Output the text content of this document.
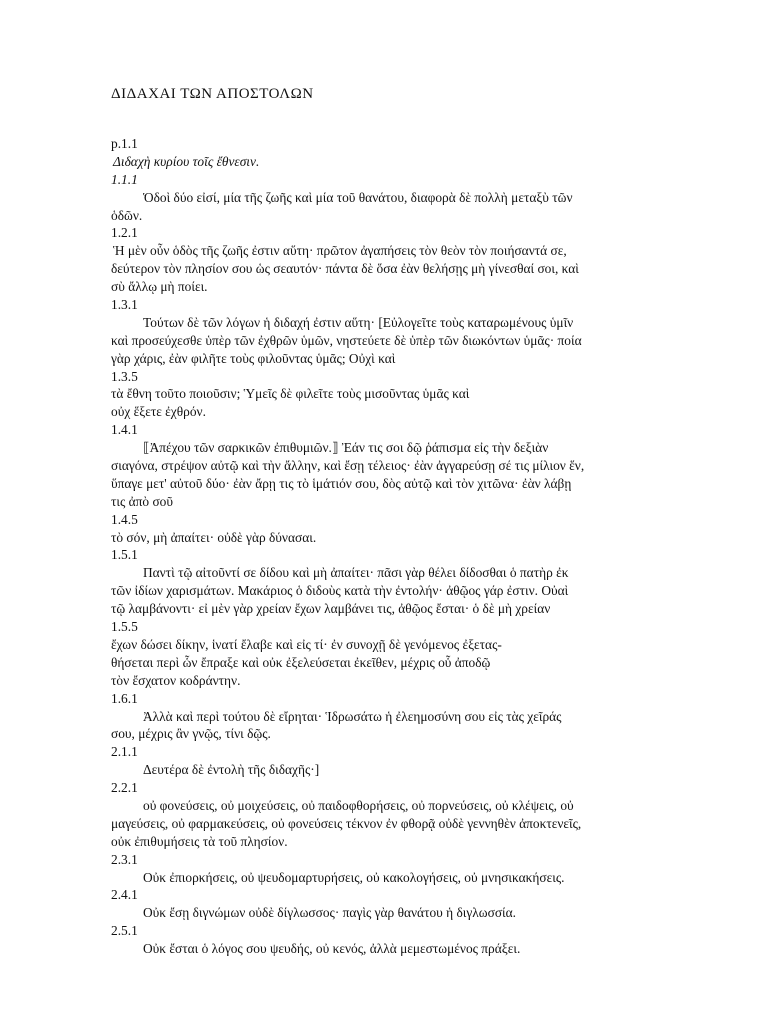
ΔΙΔΑΧΑΙ ΤΩΝ ΑΠΟΣΤΟΛΩΝ
p.1.1
Διδαχὴ κυρίου τοῖς ἔθνεσιν.
1.1.1
Ὁδοὶ δύο εἰσί, μία τῆς ζωῆς καὶ μία τοῦ θανάτου, διαφορὰ δὲ πολλὴ μεταξὺ τῶν
ὁδῶν.
1.2.1
Ἡ μὲν οὖν ὁδὸς τῆς ζωῆς ἐστιν αὕτη· πρῶτον ἀγαπήσεις τὸν θεὸν τὸν ποιήσαντά σε,
δεύτερον τὸν πλησίον σου ὡς σεαυτόν· πάντα δὲ ὅσα ἐὰν θελήσῃς μὴ γίνεσθαί σοι, καὶ
σὺ ἄλλῳ μὴ ποίει.
1.3.1
Τούτων δὲ τῶν λόγων ἡ διδαχή ἐστιν αὕτη· [Εὐλογεῖτε τοὺς καταρωμένους ὑμῖν
καὶ προσεύχεσθε ὑπὲρ τῶν ἐχθρῶν ὑμῶν, νηστεύετε δὲ ὑπὲρ τῶν διωκόντων ὑμᾶς· ποία
γὰρ χάρις, ἐὰν φιλῆτε τοὺς φιλοῦντας ὑμᾶς; Οὐχὶ καὶ
1.3.5
τὰ ἔθνη τοῦτο ποιοῦσιν; Ὑμεῖς δὲ φιλεῖτε τοὺς μισοῦντας ὑμᾶς καὶ
οὐχ ἕξετε ἐχθρόν.
1.4.1
⟦Ἀπέχου τῶν σαρκικῶν ἐπιθυμιῶν.⟧ Ἐάν τις σοι δῷ ῥάπισμα εἰς τὴν δεξιὰν
σιαγόνα, στρέψον αὐτῷ καὶ τὴν ἄλλην, καὶ ἔσῃ τέλειος· ἐὰν ἀγγαρεύσῃ σέ τις μίλιον ἕν,
ὕπαγε μετ' αὐτοῦ δύο· ἐὰν ἄρῃ τις τὸ ἱμάτιόν σου, δὸς αὐτῷ καὶ τὸν χιτῶνα· ἐὰν λάβῃ
τις ἀπὸ σοῦ
1.4.5
τὸ σόν, μὴ ἀπαίτει· οὐδὲ γὰρ δύνασαι.
1.5.1
Παντὶ τῷ αἰτοῦντί σε δίδου καὶ μὴ ἀπαίτει· πᾶσι γὰρ θέλει δίδοσθαι ὁ πατὴρ ἐκ
τῶν ἰδίων χαρισμάτων. Μακάριος ὁ διδοὺς κατὰ τὴν ἐντολήν· ἀθῷος γάρ ἐστιν. Οὐαὶ
τῷ λαμβάνοντι· εἰ μὲν γὰρ χρείαν ἔχων λαμβάνει τις, ἀθῷος ἔσται· ὁ δὲ μὴ χρείαν
1.5.5
ἔχων δώσει δίκην, ἱνατί ἔλαβε καὶ εἰς τί· ἐν συνοχῇ δὲ γενόμενος ἐξετας-
θήσεται περὶ ὧν ἔπραξε καὶ οὐκ ἐξελεύσεται ἐκεῖθεν, μέχρις οὗ ἀποδῷ
τὸν ἔσχατον κοδράντην.
1.6.1
Ἀλλὰ καὶ περὶ τούτου δὲ εἴρηται· Ἱδρωσάτω ἡ ἐλεημοσύνη σου εἰς τὰς χεῖράς
σου, μέχρις ἂν γνῷς, τίνι δῷς.
2.1.1
Δευτέρα δὲ ἐντολὴ τῆς διδαχῆς·]
2.2.1
οὐ φονεύσεις, οὐ μοιχεύσεις, οὐ παιδοφθορήσεις, οὐ πορνεύσεις, οὐ κλέψεις, οὐ
μαγεύσεις, οὐ φαρμακεύσεις, οὐ φονεύσεις τέκνον ἐν φθορᾷ οὐδὲ γεννηθὲν ἀποκτενεῖς,
οὐκ ἐπιθυμήσεις τὰ τοῦ πλησίον.
2.3.1
Οὐκ ἐπιορκήσεις, οὐ ψευδομαρτυρήσεις, οὐ κακολογήσεις, οὐ μνησικακήσεις.
2.4.1
Οὐκ ἔσῃ διγνώμων οὐδὲ δίγλωσσος· παγὶς γὰρ θανάτου ἡ διγλωσσία.
2.5.1
Οὐκ ἔσται ὁ λόγος σου ψευδής, οὐ κενός, ἀλλὰ μεμεστωμένος πράξει.
